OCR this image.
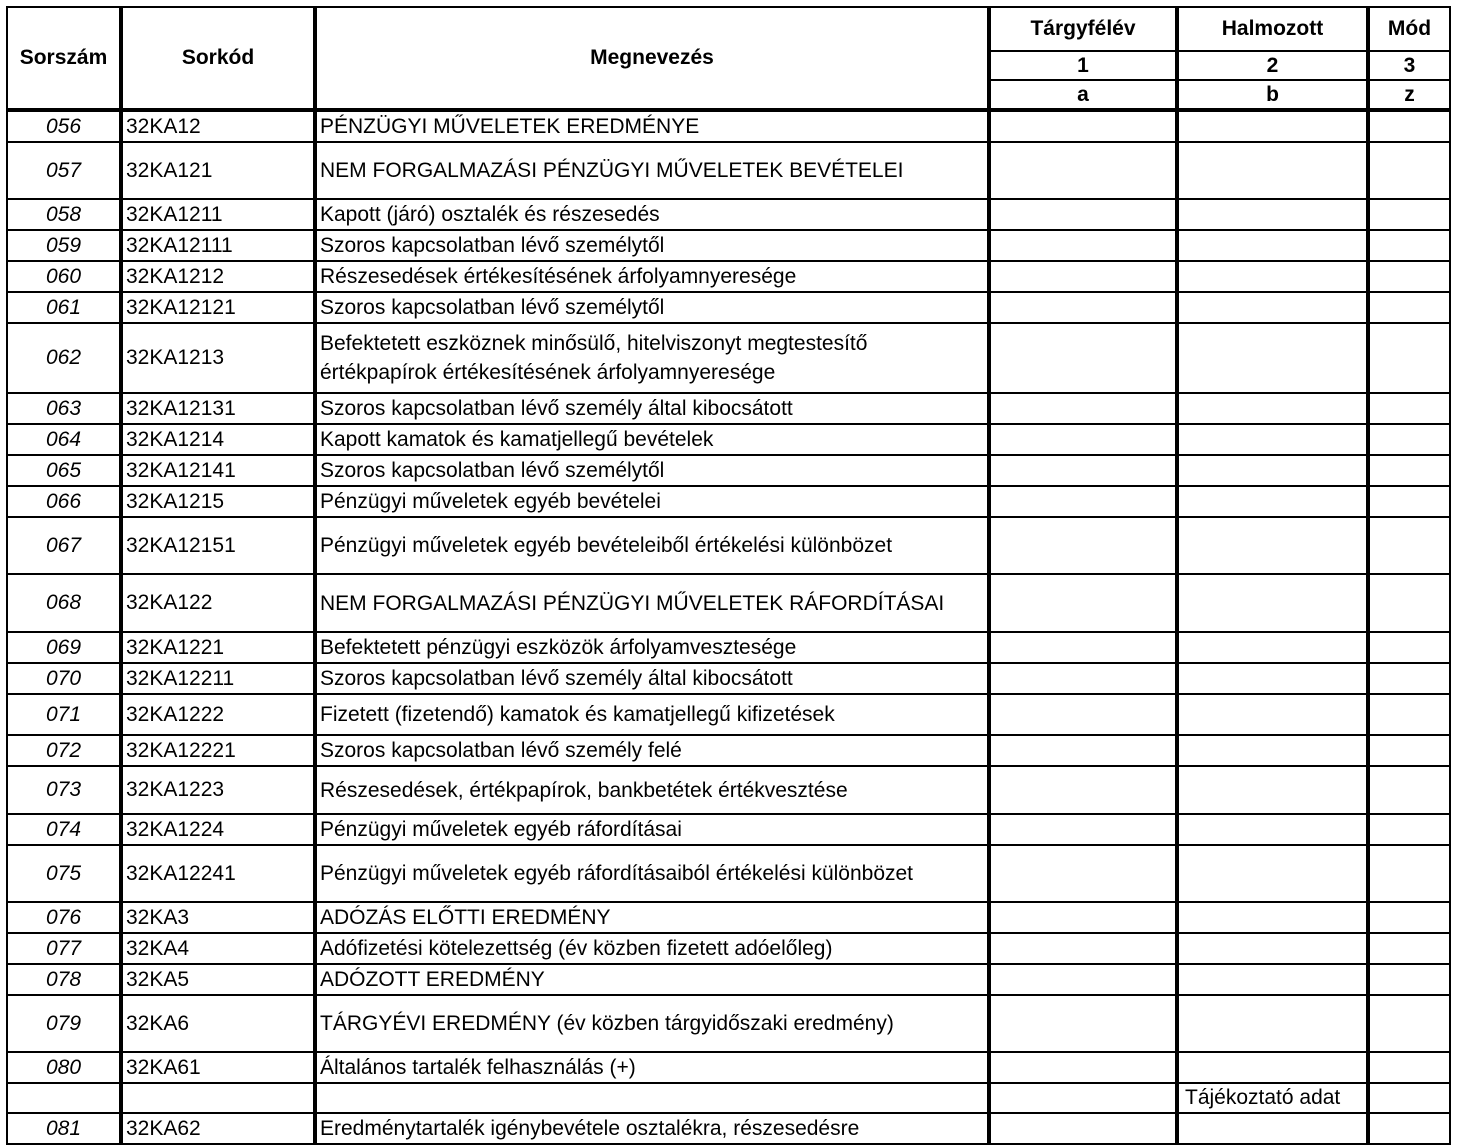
Sorszám	Sorkód	Megnevezés	Tárgyfélév	Halmozott	Mód
			1	2	3
			a	b	z
056	32KA12	PÉNZÜGYI MŰVELETEK EREDMÉNYE			
057	32KA121	NEM FORGALMAZÁSI PÉNZÜGYI MŰVELETEK BEVÉTELEI			
058	32KA1211	Kapott (járó) osztalék és részesedés			
059	32KA12111	Szoros kapcsolatban lévő személytől			
060	32KA1212	Részesedések értékesítésének árfolyamnyeresége			
061	32KA12121	Szoros kapcsolatban lévő személytől			
062	32KA1213	Befektetett eszköznek minősülő, hitelviszonyt megtestesítő értékpapírok értékesítésének árfolyamnyeresége			
063	32KA12131	Szoros kapcsolatban lévő személy által kibocsátott			
064	32KA1214	Kapott kamatok és kamatjellegű bevételek			
065	32KA12141	Szoros kapcsolatban lévő személytől			
066	32KA1215	Pénzügyi műveletek egyéb bevételei			
067	32KA12151	Pénzügyi műveletek egyéb bevételeiből értékelési különbözet			
068	32KA122	NEM FORGALMAZÁSI PÉNZÜGYI MŰVELETEK RÁFORDÍTÁSAI			
069	32KA1221	Befektetett pénzügyi eszközök árfolyamvesztesége			
070	32KA12211	Szoros kapcsolatban lévő személy által kibocsátott			
071	32KA1222	Fizetett (fizetendő) kamatok és kamatjellegű kifizetések			
072	32KA12221	Szoros kapcsolatban lévő személy felé			
073	32KA1223	Részesedések, értékpapírok, bankbetétek értékvesztése			
074	32KA1224	Pénzügyi műveletek egyéb ráfordításai			
075	32KA12241	Pénzügyi műveletek egyéb ráfordításaiból értékelési különbözet			
076	32KA3	ADÓZÁS ELŐTTI EREDMÉNY			
077	32KA4	Adófizetési kötelezettség (év közben fizetett adóelőleg)			
078	32KA5	ADÓZOTT EREDMÉNY			
079	32KA6	TÁRGYÉVI EREDMÉNY (év közben tárgyidőszaki eredmény)			
080	32KA61	Általános tartalék felhasználás (+)			
				Tájékoztató adat	
081	32KA62	Eredménytartalék igénybevétele osztalékra, részesedésre			
